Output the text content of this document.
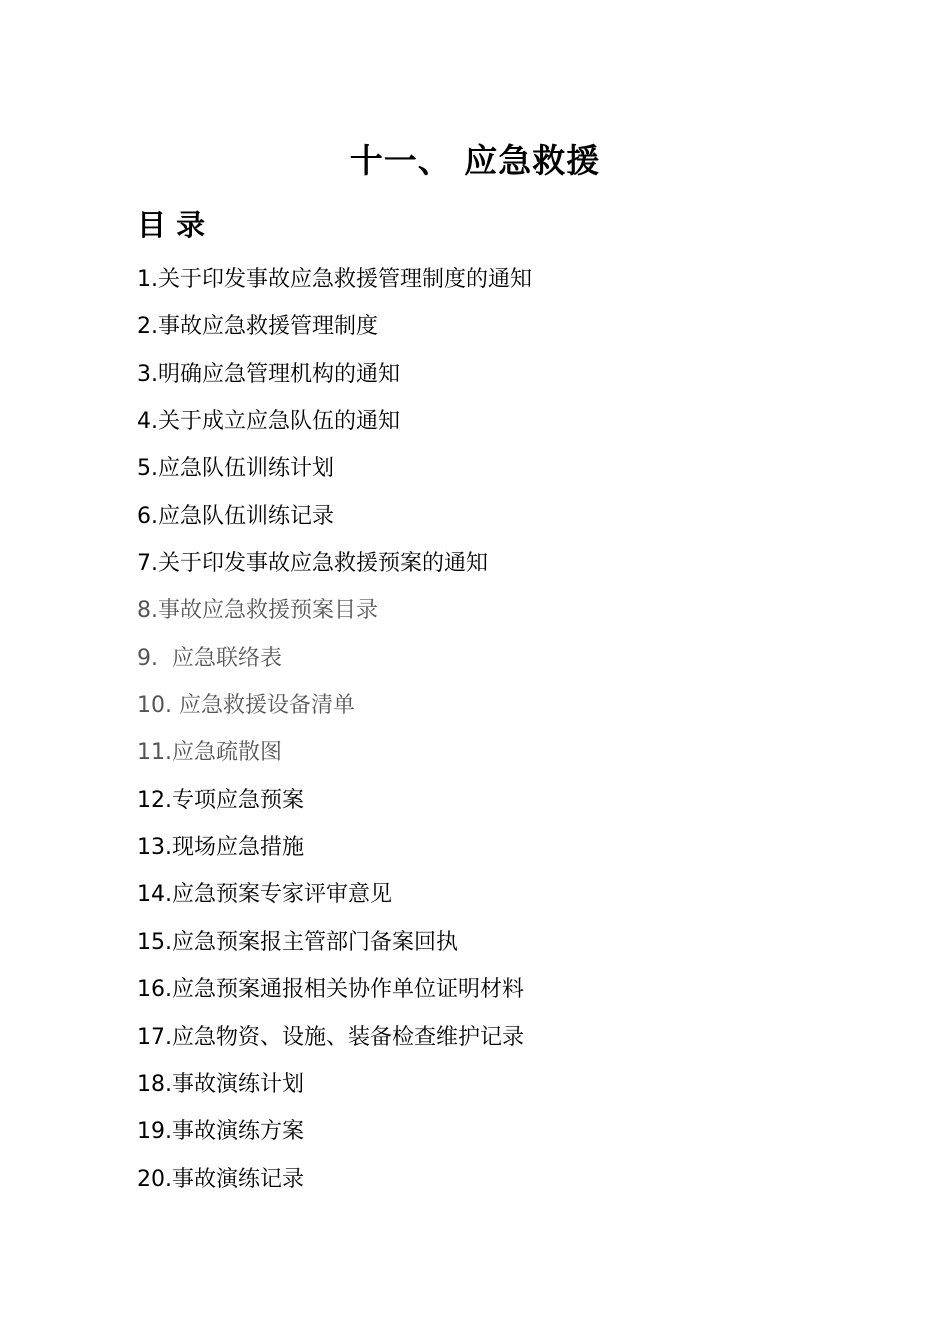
十一、 应急救援
目 录
1.关于印发事故应急救援管理制度的通知
2.事故应急救援管理制度
3.明确应急管理机构的通知
4.关于成立应急队伍的通知
5.应急队伍训练计划
6.应急队伍训练记录
7.关于印发事故应急救援预案的通知
8.事故应急救援预案目录
9.  应急联络表
10. 应急救援设备清单
11.应急疏散图
12.专项应急预案
13.现场应急措施
14.应急预案专家评审意见
15.应急预案报主管部门备案回执
16.应急预案通报相关协作单位证明材料
17.应急物资、设施、装备检查维护记录
18.事故演练计划
19.事故演练方案
20.事故演练记录
